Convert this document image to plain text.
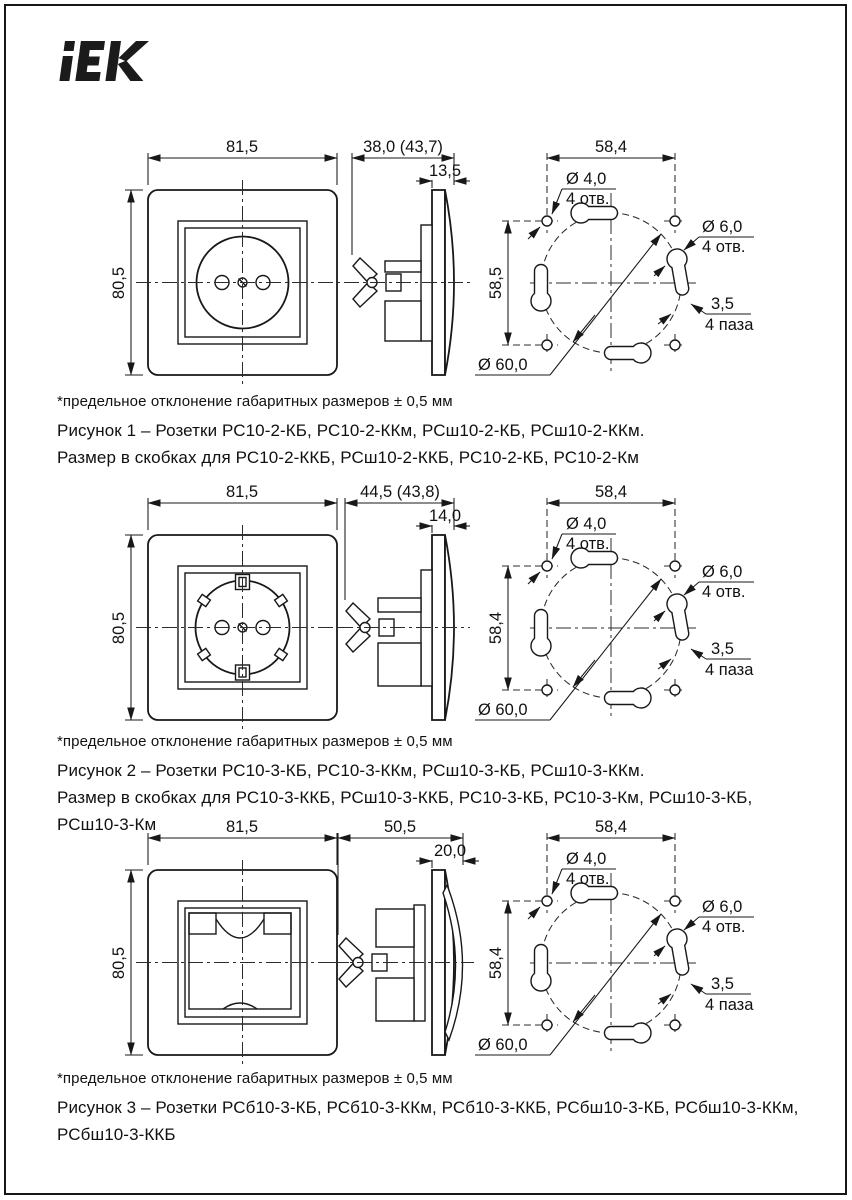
81,5
80,5
38,0 (43,7)
13,5
58,4
58,5
Ø 4,0
4 отв.
Ø 6,0
4 отв.
3,5
4 паза
Ø 60,0
*предельное отклонение габаритных размеров ± 0,5 мм
Рисунок 1 – Розетки РС10-2-КБ, РС10-2-ККм, РСш10-2-КБ, РСш10-2-ККм.
Размер в скобках для РС10-2-ККБ, РСш10-2-ККБ, РС10-2-КБ, РС10-2-Км
81,5
80,5
44,5 (43,8)
14,0
58,4
58,4
Ø 4,0
4 отв.
Ø 6,0
4 отв.
3,5
4 паза
Ø 60,0
*предельное отклонение габаритных размеров ± 0,5 мм
Рисунок 2 – Розетки РС10-3-КБ, РС10-3-ККм, РСш10-3-КБ, РСш10-3-ККм.
Размер в скобках для РС10-3-ККБ, РСш10-3-ККБ, РС10-3-КБ, РС10-3-Км, РСш10-3-КБ, РСш10-3-Км	81,5
80,5
50,5
20,0
58,4
58,4
Ø 4,0
4 отв.
Ø 6,0
4 отв.
3,5
4 паза
Ø 60,0
*предельное отклонение габаритных размеров ± 0,5 мм
Рисунок 3 – Розетки РСб10-3-КБ, РСб10-3-ККм, РСб10-3-ККБ, РСбш10-3-КБ, РСбш10-3-ККм,
РСбш10-3-ККБ
